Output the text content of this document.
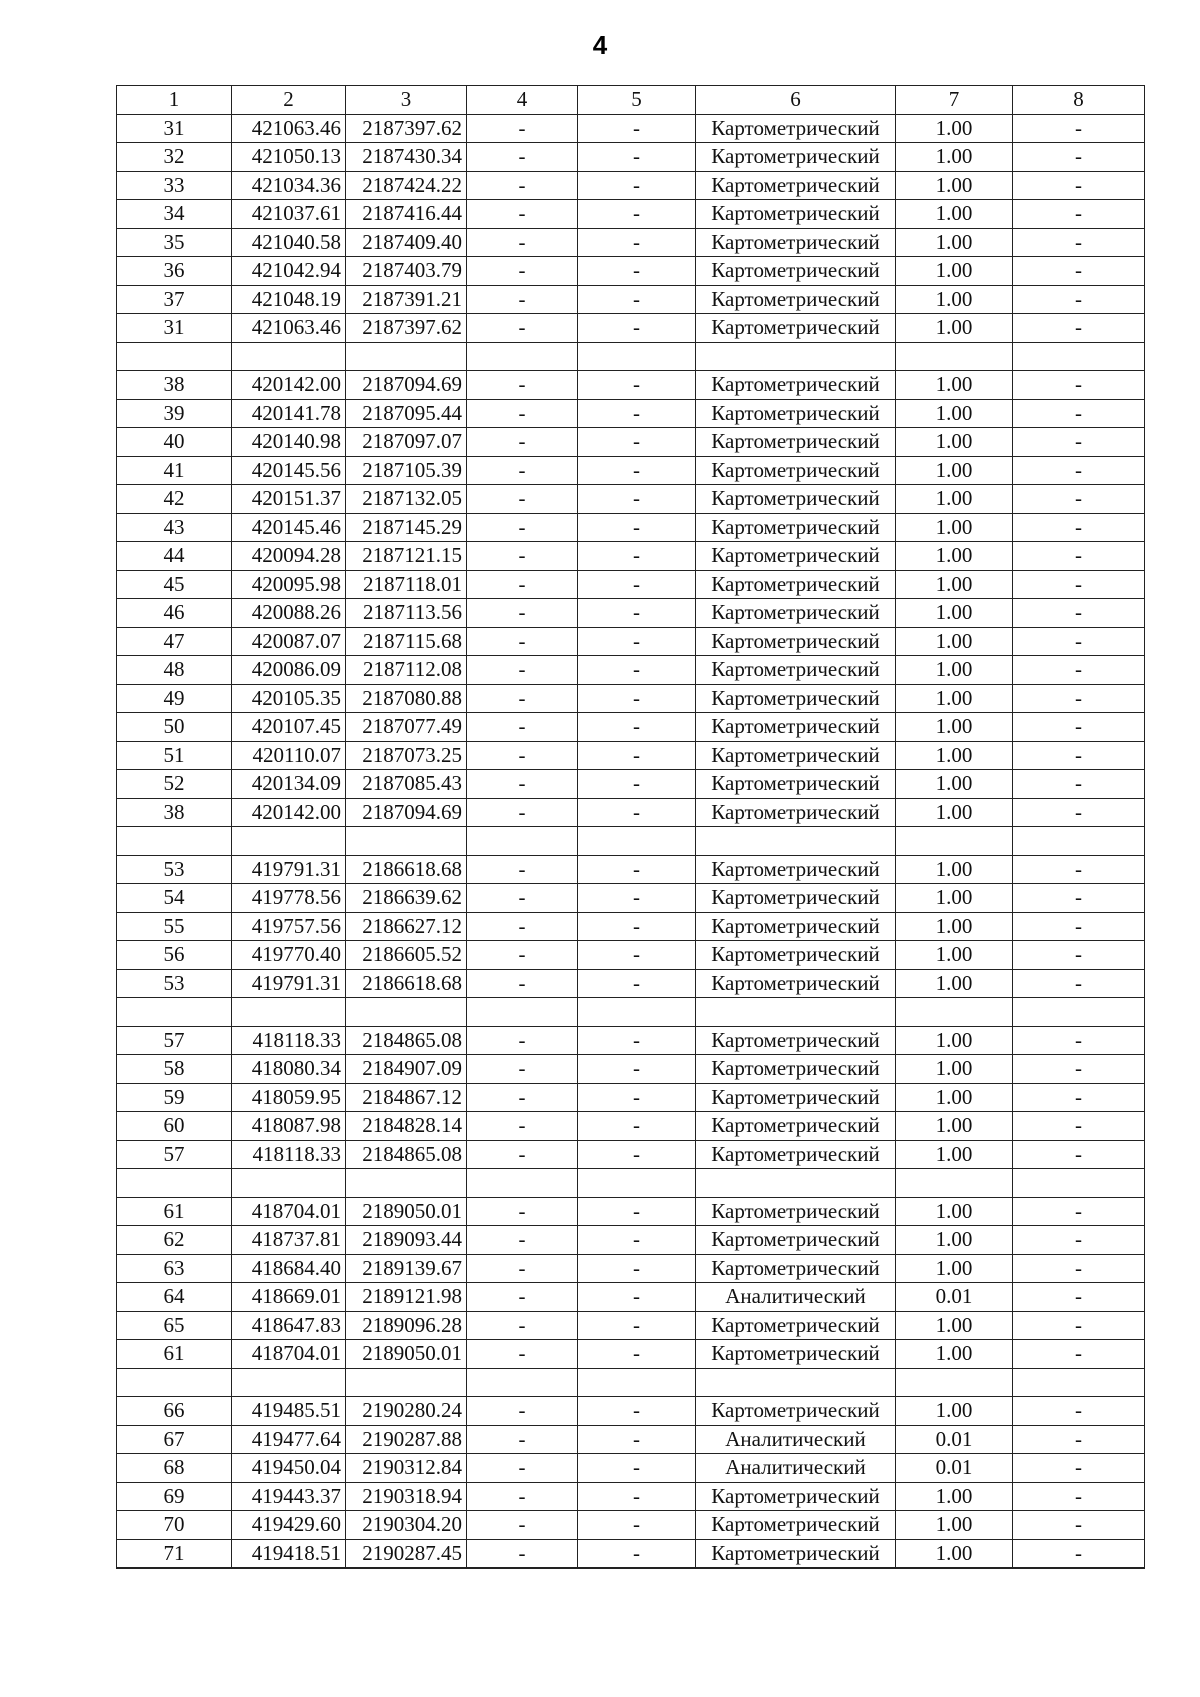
4
1	2	3	4	5	6	7	8
31	421063.46	2187397.62	-	-	Картометрический	1.00	-
32	421050.13	2187430.34	-	-	Картометрический	1.00	-
33	421034.36	2187424.22	-	-	Картометрический	1.00	-
34	421037.61	2187416.44	-	-	Картометрический	1.00	-
35	421040.58	2187409.40	-	-	Картометрический	1.00	-
36	421042.94	2187403.79	-	-	Картометрический	1.00	-
37	421048.19	2187391.21	-	-	Картометрический	1.00	-
31	421063.46	2187397.62	-	-	Картометрический	1.00	-

38	420142.00	2187094.69	-	-	Картометрический	1.00	-
39	420141.78	2187095.44	-	-	Картометрический	1.00	-
40	420140.98	2187097.07	-	-	Картометрический	1.00	-
41	420145.56	2187105.39	-	-	Картометрический	1.00	-
42	420151.37	2187132.05	-	-	Картометрический	1.00	-
43	420145.46	2187145.29	-	-	Картометрический	1.00	-
44	420094.28	2187121.15	-	-	Картометрический	1.00	-
45	420095.98	2187118.01	-	-	Картометрический	1.00	-
46	420088.26	2187113.56	-	-	Картометрический	1.00	-
47	420087.07	2187115.68	-	-	Картометрический	1.00	-
48	420086.09	2187112.08	-	-	Картометрический	1.00	-
49	420105.35	2187080.88	-	-	Картометрический	1.00	-
50	420107.45	2187077.49	-	-	Картометрический	1.00	-
51	420110.07	2187073.25	-	-	Картометрический	1.00	-
52	420134.09	2187085.43	-	-	Картометрический	1.00	-
38	420142.00	2187094.69	-	-	Картометрический	1.00	-

53	419791.31	2186618.68	-	-	Картометрический	1.00	-
54	419778.56	2186639.62	-	-	Картометрический	1.00	-
55	419757.56	2186627.12	-	-	Картометрический	1.00	-
56	419770.40	2186605.52	-	-	Картометрический	1.00	-
53	419791.31	2186618.68	-	-	Картометрический	1.00	-

57	418118.33	2184865.08	-	-	Картометрический	1.00	-
58	418080.34	2184907.09	-	-	Картометрический	1.00	-
59	418059.95	2184867.12	-	-	Картометрический	1.00	-
60	418087.98	2184828.14	-	-	Картометрический	1.00	-
57	418118.33	2184865.08	-	-	Картометрический	1.00	-

61	418704.01	2189050.01	-	-	Картометрический	1.00	-
62	418737.81	2189093.44	-	-	Картометрический	1.00	-
63	418684.40	2189139.67	-	-	Картометрический	1.00	-
64	418669.01	2189121.98	-	-	Аналитический	0.01	-
65	418647.83	2189096.28	-	-	Картометрический	1.00	-
61	418704.01	2189050.01	-	-	Картометрический	1.00	-

66	419485.51	2190280.24	-	-	Картометрический	1.00	-
67	419477.64	2190287.88	-	-	Аналитический	0.01	-
68	419450.04	2190312.84	-	-	Аналитический	0.01	-
69	419443.37	2190318.94	-	-	Картометрический	1.00	-
70	419429.60	2190304.20	-	-	Картометрический	1.00	-
71	419418.51	2190287.45	-	-	Картометрический	1.00	-
